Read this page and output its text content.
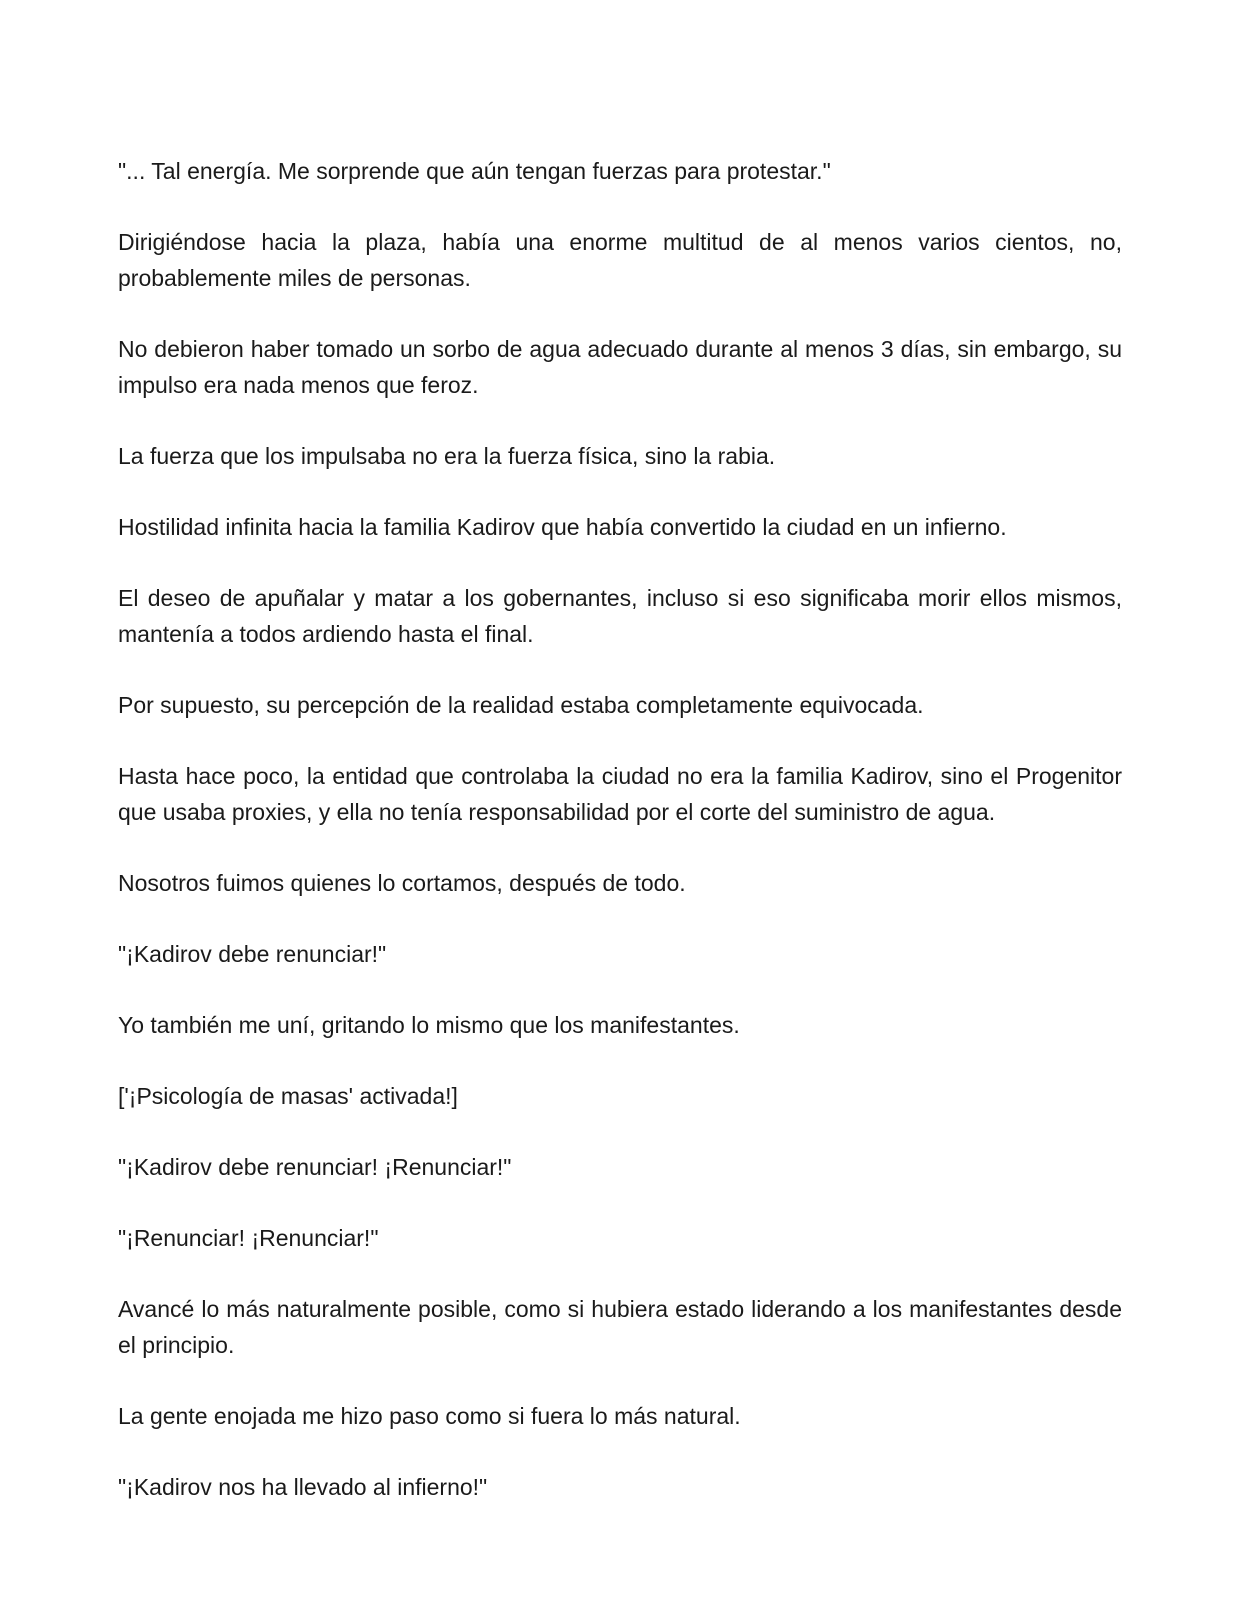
"... Tal energía. Me sorprende que aún tengan fuerzas para protestar."

Dirigiéndose hacia la plaza, había una enorme multitud de al menos varios cientos, no, probablemente miles de personas.

No debieron haber tomado un sorbo de agua adecuado durante al menos 3 días, sin embargo, su impulso era nada menos que feroz.

La fuerza que los impulsaba no era la fuerza física, sino la rabia.

Hostilidad infinita hacia la familia Kadirov que había convertido la ciudad en un infierno.

El deseo de apuñalar y matar a los gobernantes, incluso si eso significaba morir ellos mismos, mantenía a todos ardiendo hasta el final.

Por supuesto, su percepción de la realidad estaba completamente equivocada.

Hasta hace poco, la entidad que controlaba la ciudad no era la familia Kadirov, sino el Progenitor que usaba proxies, y ella no tenía responsabilidad por el corte del suministro de agua.

Nosotros fuimos quienes lo cortamos, después de todo.

"¡Kadirov debe renunciar!"

Yo también me uní, gritando lo mismo que los manifestantes.

['¡Psicología de masas' activada!]

"¡Kadirov debe renunciar! ¡Renunciar!"

"¡Renunciar! ¡Renunciar!"

Avancé lo más naturalmente posible, como si hubiera estado liderando a los manifestantes desde el principio.

La gente enojada me hizo paso como si fuera lo más natural.

"¡Kadirov nos ha llevado al infierno!"
